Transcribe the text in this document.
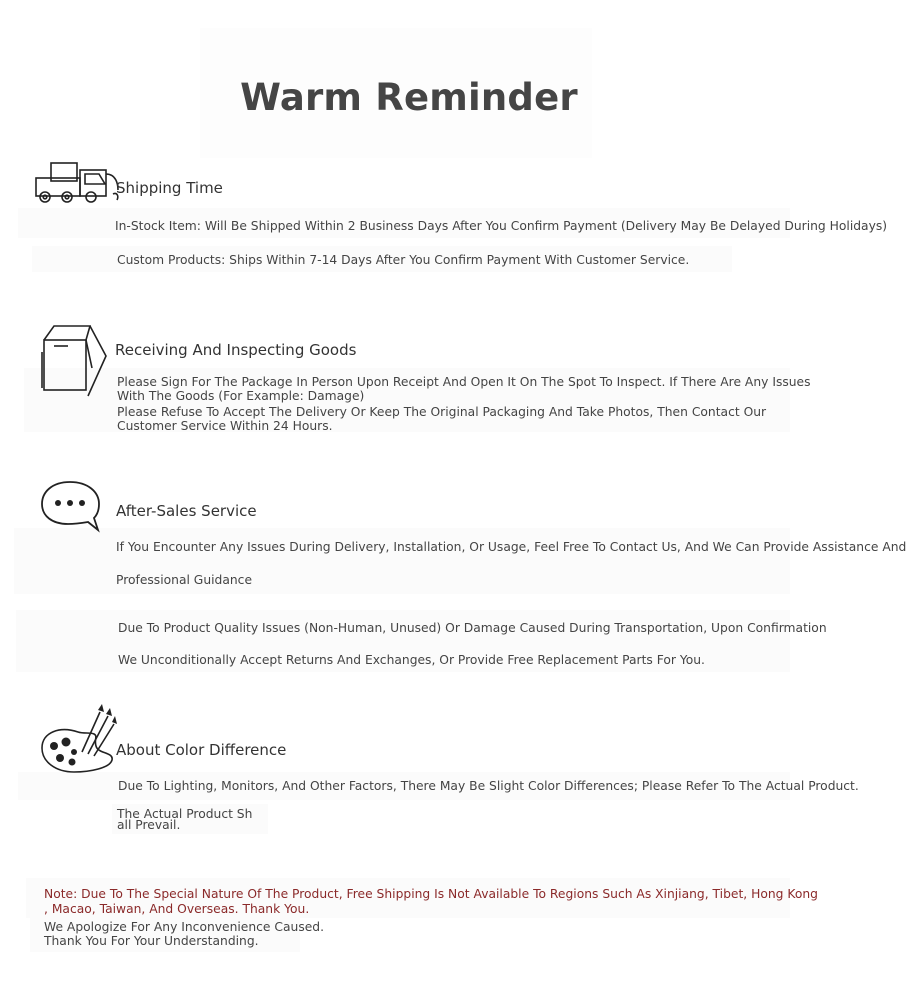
Warm Reminder
Shipping Time
In-Stock Item: Will Be Shipped Within 2 Business Days After You Confirm Payment (Delivery May Be Delayed During Holidays)
Custom Products: Ships Within 7-14 Days After You Confirm Payment With Customer Service.
Receiving And Inspecting Goods
Please Sign For The Package In Person Upon Receipt And Open It On The Spot To Inspect. If There Are Any Issues
With The Goods (For Example: Damage)
Please Refuse To Accept The Delivery Or Keep The Original Packaging And Take Photos, Then Contact Our
Customer Service Within 24 Hours.
After-Sales Service
If You Encounter Any Issues During Delivery, Installation, Or Usage, Feel Free To Contact Us, And We Can Provide Assistance And
Professional Guidance
Due To Product Quality Issues (Non-Human, Unused) Or Damage Caused During Transportation, Upon Confirmation
We Unconditionally Accept Returns And Exchanges, Or Provide Free Replacement Parts For You.
About Color Difference
Due To Lighting, Monitors, And Other Factors, There May Be Slight Color Differences; Please Refer To The Actual Product.
The Actual Product Sh
all Prevail.
Note: Due To The Special Nature Of The Product, Free Shipping Is Not Available To Regions Such As Xinjiang, Tibet, Hong Kong
, Macao, Taiwan, And Overseas. Thank You.
We Apologize For Any Inconvenience Caused.
Thank You For Your Understanding.
